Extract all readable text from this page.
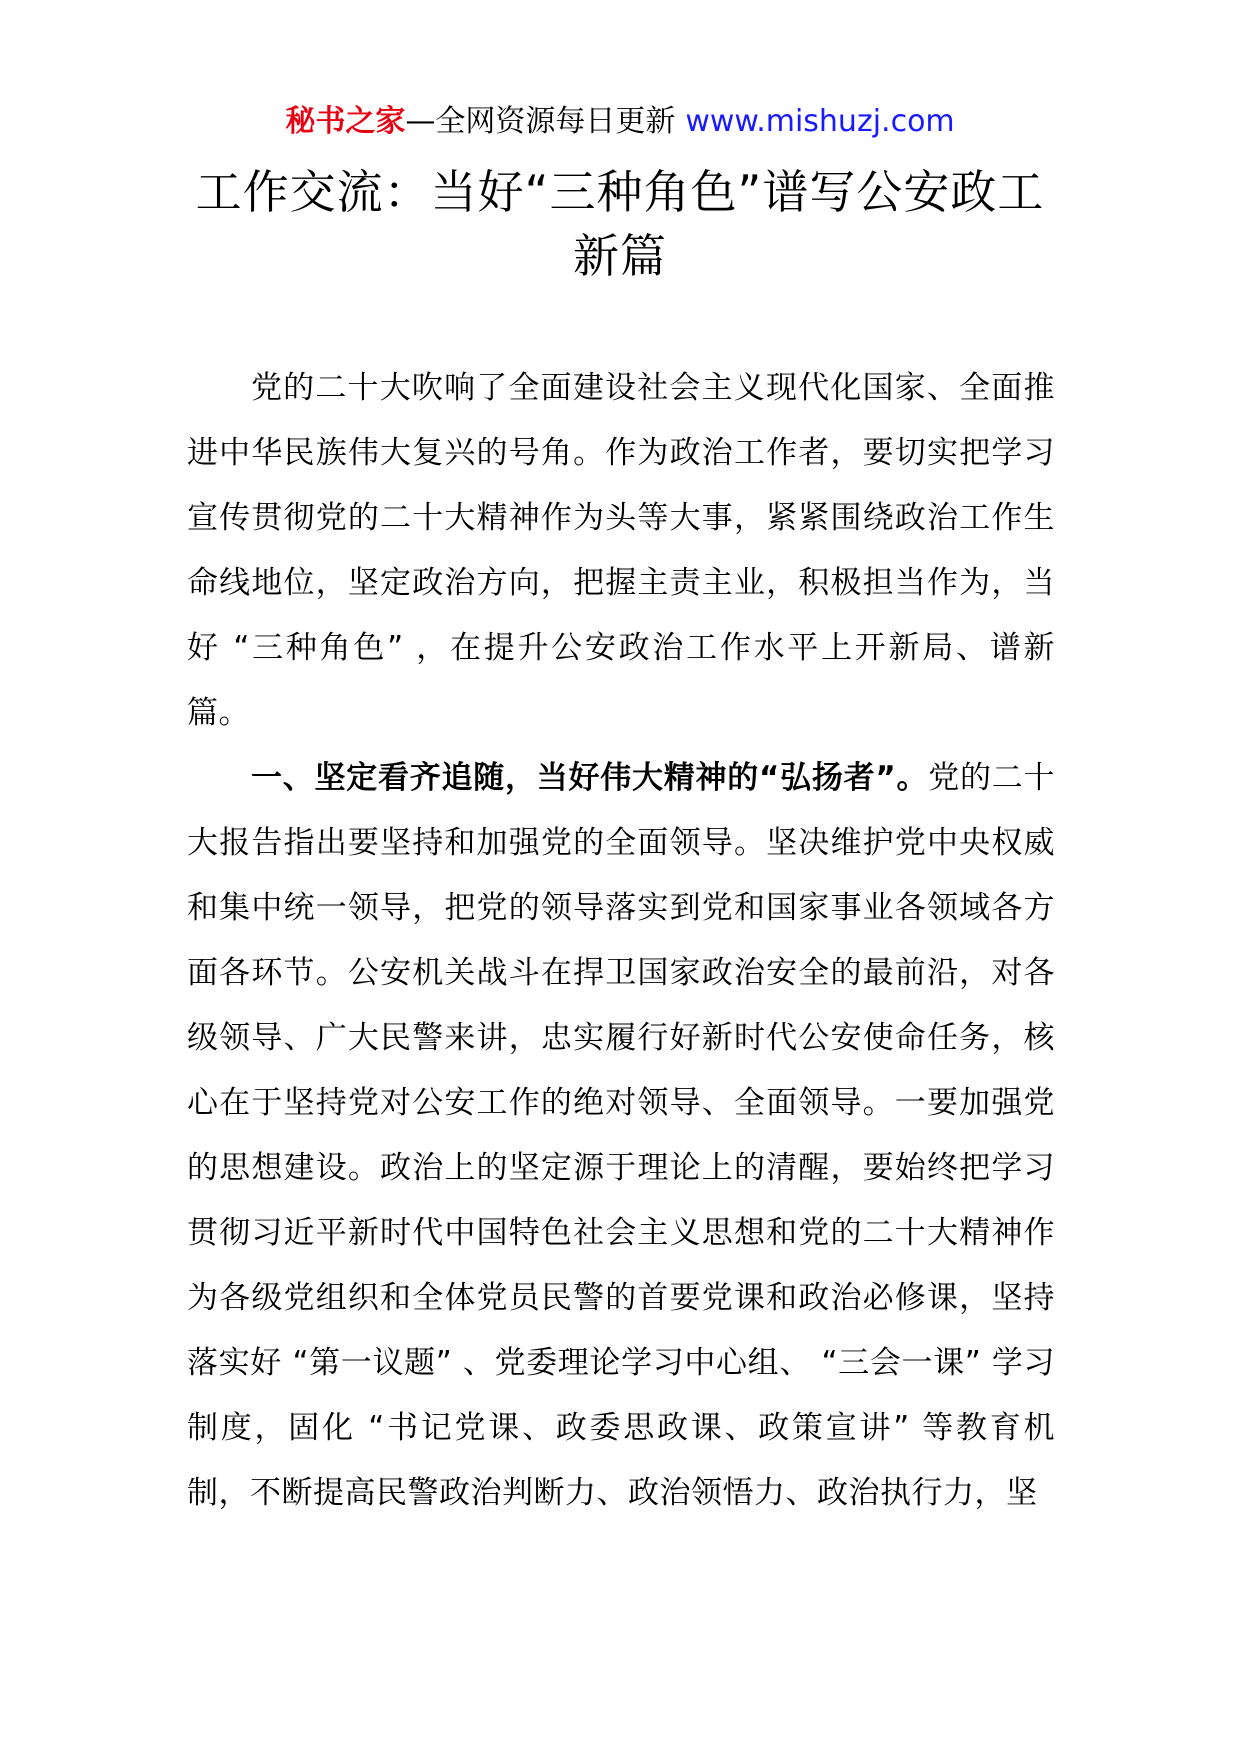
秘书之家—全网资源每日更新 www.mishuzj.com
工作交流：当好“三种角色”谱写公安政工新篇

党的二十大吹响了全面建设社会主义现代化国家、全面推进中华民族伟大复兴的号角。作为政治工作者，要切实把学习宣传贯彻党的二十大精神作为头等大事，紧紧围绕政治工作生命线地位，坚定政治方向，把握主责主业，积极担当作为，当好 “三种角色” ，在提升公安政治工作水平上开新局、谱新篇。

一、坚定看齐追随，当好伟大精神的“弘扬者”。党的二十大报告指出要坚持和加强党的全面领导。坚决维护党中央权威和集中统一领导，把党的领导落实到党和国家事业各领域各方面各环节。公安机关战斗在捍卫国家政治安全的最前沿，对各级领导、广大民警来讲，忠实履行好新时代公安使命任务，核心在于坚持党对公安工作的绝对领导、全面领导。一要加强党的思想建设。政治上的坚定源于理论上的清醒，要始终把学习贯彻习近平新时代中国特色社会主义思想和党的二十大精神作为各级党组织和全体党员民警的首要党课和政治必修课，坚持落实好 “第一议题” 、党委理论学习中心组、 “三会一课” 学习制度，固化 “书记党课、政委思政课、政策宣讲” 等教育机制，不断提高民警政治判断力、政治领悟力、政治执行力，坚
